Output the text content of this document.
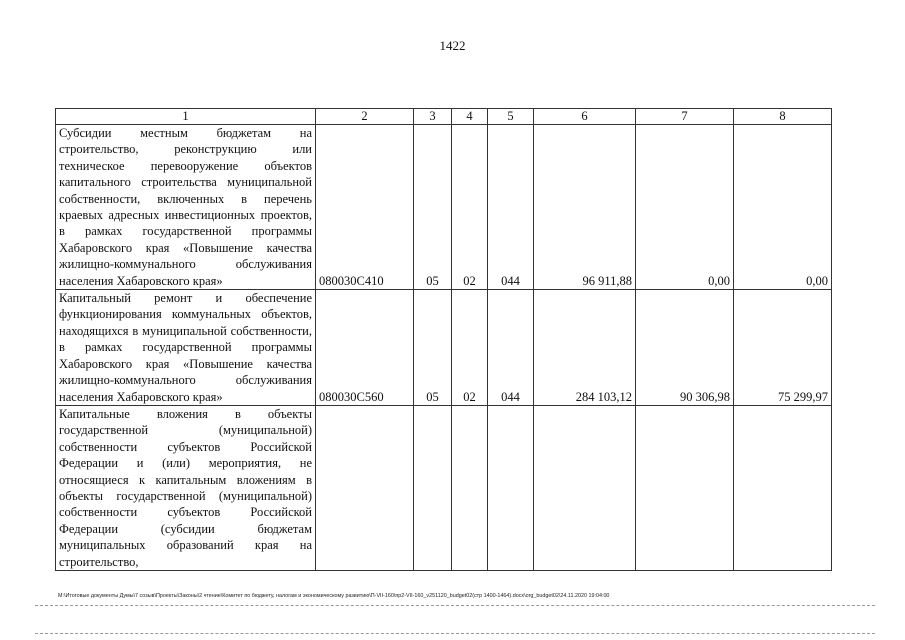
1422
1	2	3	4	5	6	7	8
Субсидии местным бюджетам на строительство, реконструкцию или техническое перевооружение объектов капитального строительства муниципальной собственности, включенных в перечень краевых адресных инвестиционных проектов, в рамках государственной программы Хабаровского края «Повышение качества жилищно-коммунального обслуживания населения Хабаровского края»	080030С410	05	02	044	96 911,88	0,00	0,00
Капитальный ремонт и обеспечение функционирования коммунальных объектов, находящихся в муниципальной собственности, в рамках государственной программы Хабаровского края «Повышение качества жилищно-коммунального обслуживания населения Хабаровского края»	080030С560	05	02	044	284 103,12	90 306,98	75 299,97
Капитальные вложения в объекты государственной (муниципальной) собственности субъектов Российской Федерации и (или) мероприятия, не относящиеся к капитальным вложениям в объекты государственной (муниципальной) собственности субъектов Российской Федерации (субсидии бюджетам муниципальных образований края на строительство,							
M:\Итоговые документы Думы\7 созыв\Проекты\Законы\2 чтение\Комитет по бюджету, налогам и экономическому развитию\П-VII-160\пр2-VII-160_v251120_budget02(стр 1400-1464).docx\org_budget02\24.11.2020 19:04:00
